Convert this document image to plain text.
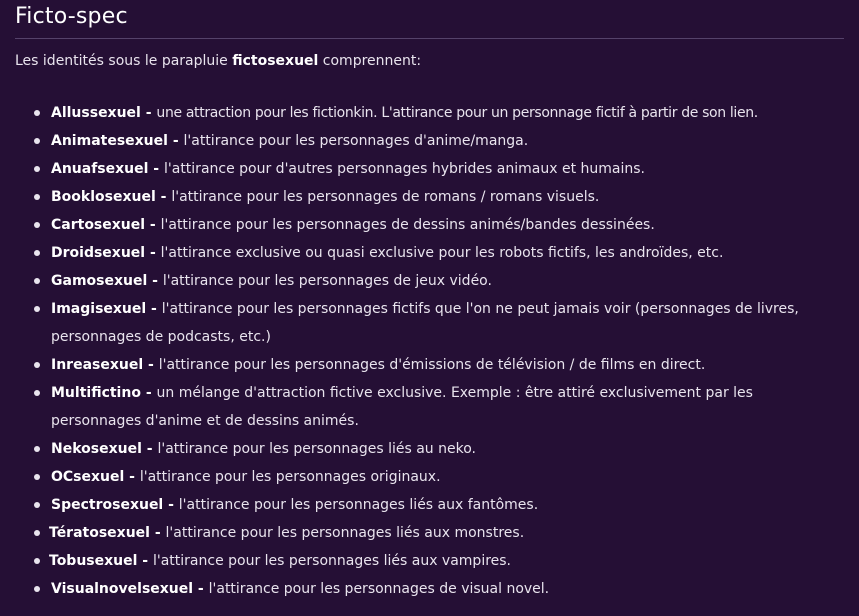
Ficto-spec

Les identités sous le parapluie fictosexuel comprennent:

Allussexuel - une attraction pour les fictionkin. L'attirance pour un personnage fictif à partir de son lien.
Animatesexuel - l'attirance pour les personnages d'anime/manga.
Anuafsexuel - l'attirance pour d'autres personnages hybrides animaux et humains.
Booklosexuel - l'attirance pour les personnages de romans / romans visuels.
Cartosexuel - l'attirance pour les personnages de dessins animés/bandes dessinées.
Droidsexuel - l'attirance exclusive ou quasi exclusive pour les robots fictifs, les androïdes, etc.
Gamosexuel - l'attirance pour les personnages de jeux vidéo.
Imagisexuel - l'attirance pour les personnages fictifs que l'on ne peut jamais voir (personnages de livres, personnages de podcasts, etc.)
Inreasexuel - l'attirance pour les personnages d'émissions de télévision / de films en direct.
Multifictino - un mélange d'attraction fictive exclusive. Exemple : être attiré exclusivement par les personnages d'anime et de dessins animés.
Nekosexuel - l'attirance pour les personnages liés au neko.
OCsexuel - l'attirance pour les personnages originaux.
Spectrosexuel - l'attirance pour les personnages liés aux fantômes.
Tératosexuel - l'attirance pour les personnages liés aux monstres.
Tobusexuel - l'attirance pour les personnages liés aux vampires.
Visualnovelsexuel - l'attirance pour les personnages de visual novel.
